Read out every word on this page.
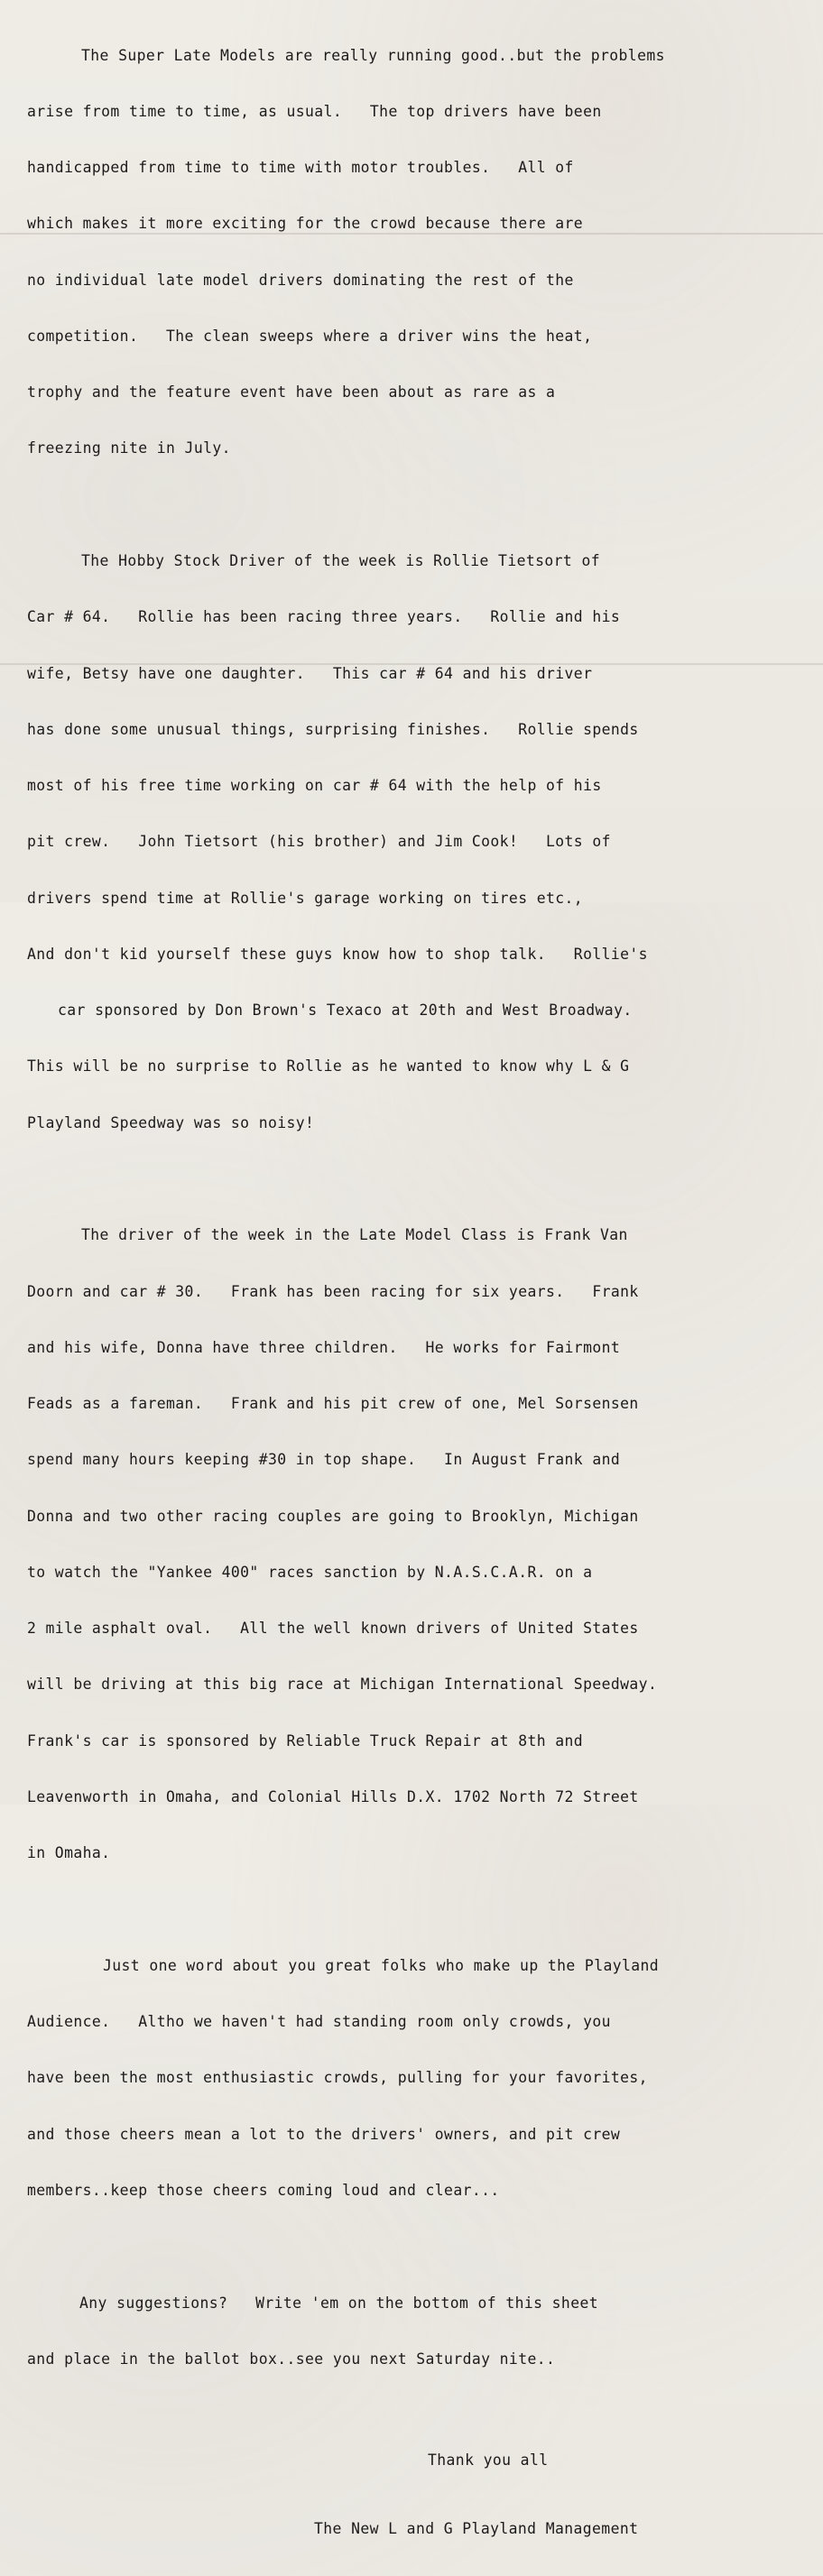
The Super Late Models are really running good..but the problems

arise from time to time, as usual.   The top drivers have been

handicapped from time to time with motor troubles.   All of

which makes it more exciting for the crowd because there are

no individual late model drivers dominating the rest of the

competition.   The clean sweeps where a driver wins the heat,

trophy and the feature event have been about as rare as a

freezing nite in July.

The Hobby Stock Driver of the week is Rollie Tietsort of

Car # 64.   Rollie has been racing three years.   Rollie and his

wife, Betsy have one daughter.   This car # 64 and his driver

has done some unusual things, surprising finishes.   Rollie spends

most of his free time working on car # 64 with the help of his

pit crew.   John Tietsort (his brother) and Jim Cook!   Lots of

drivers spend time at Rollie's garage working on tires etc.,

And don't kid yourself these guys know how to shop talk.   Rollie's

car sponsored by Don Brown's Texaco at 20th and West Broadway.

This will be no surprise to Rollie as he wanted to know why L & G

Playland Speedway was so noisy!

The driver of the week in the Late Model Class is Frank Van

Doorn and car # 30.   Frank has been racing for six years.   Frank

and his wife, Donna have three children.   He works for Fairmont

Feads as a fareman.   Frank and his pit crew of one, Mel Sorsensen

spend many hours keeping #30 in top shape.   In August Frank and

Donna and two other racing couples are going to Brooklyn, Michigan

to watch the "Yankee 400" races sanction by N.A.S.C.A.R. on a

2 mile asphalt oval.   All the well known drivers of United States

will be driving at this big race at Michigan International Speedway.

Frank's car is sponsored by Reliable Truck Repair at 8th and

Leavenworth in Omaha, and Colonial Hills D.X. 1702 North 72 Street

in Omaha.

Just one word about you great folks who make up the Playland

Audience.   Altho we haven't had standing room only crowds, you

have been the most enthusiastic crowds, pulling for your favorites,

and those cheers mean a lot to the drivers' owners, and pit crew

members..keep those cheers coming loud and clear...

Any suggestions?   Write 'em on the bottom of this sheet

and place in the ballot box..see you next Saturday nite..

Thank you all

The New L and G Playland Management
